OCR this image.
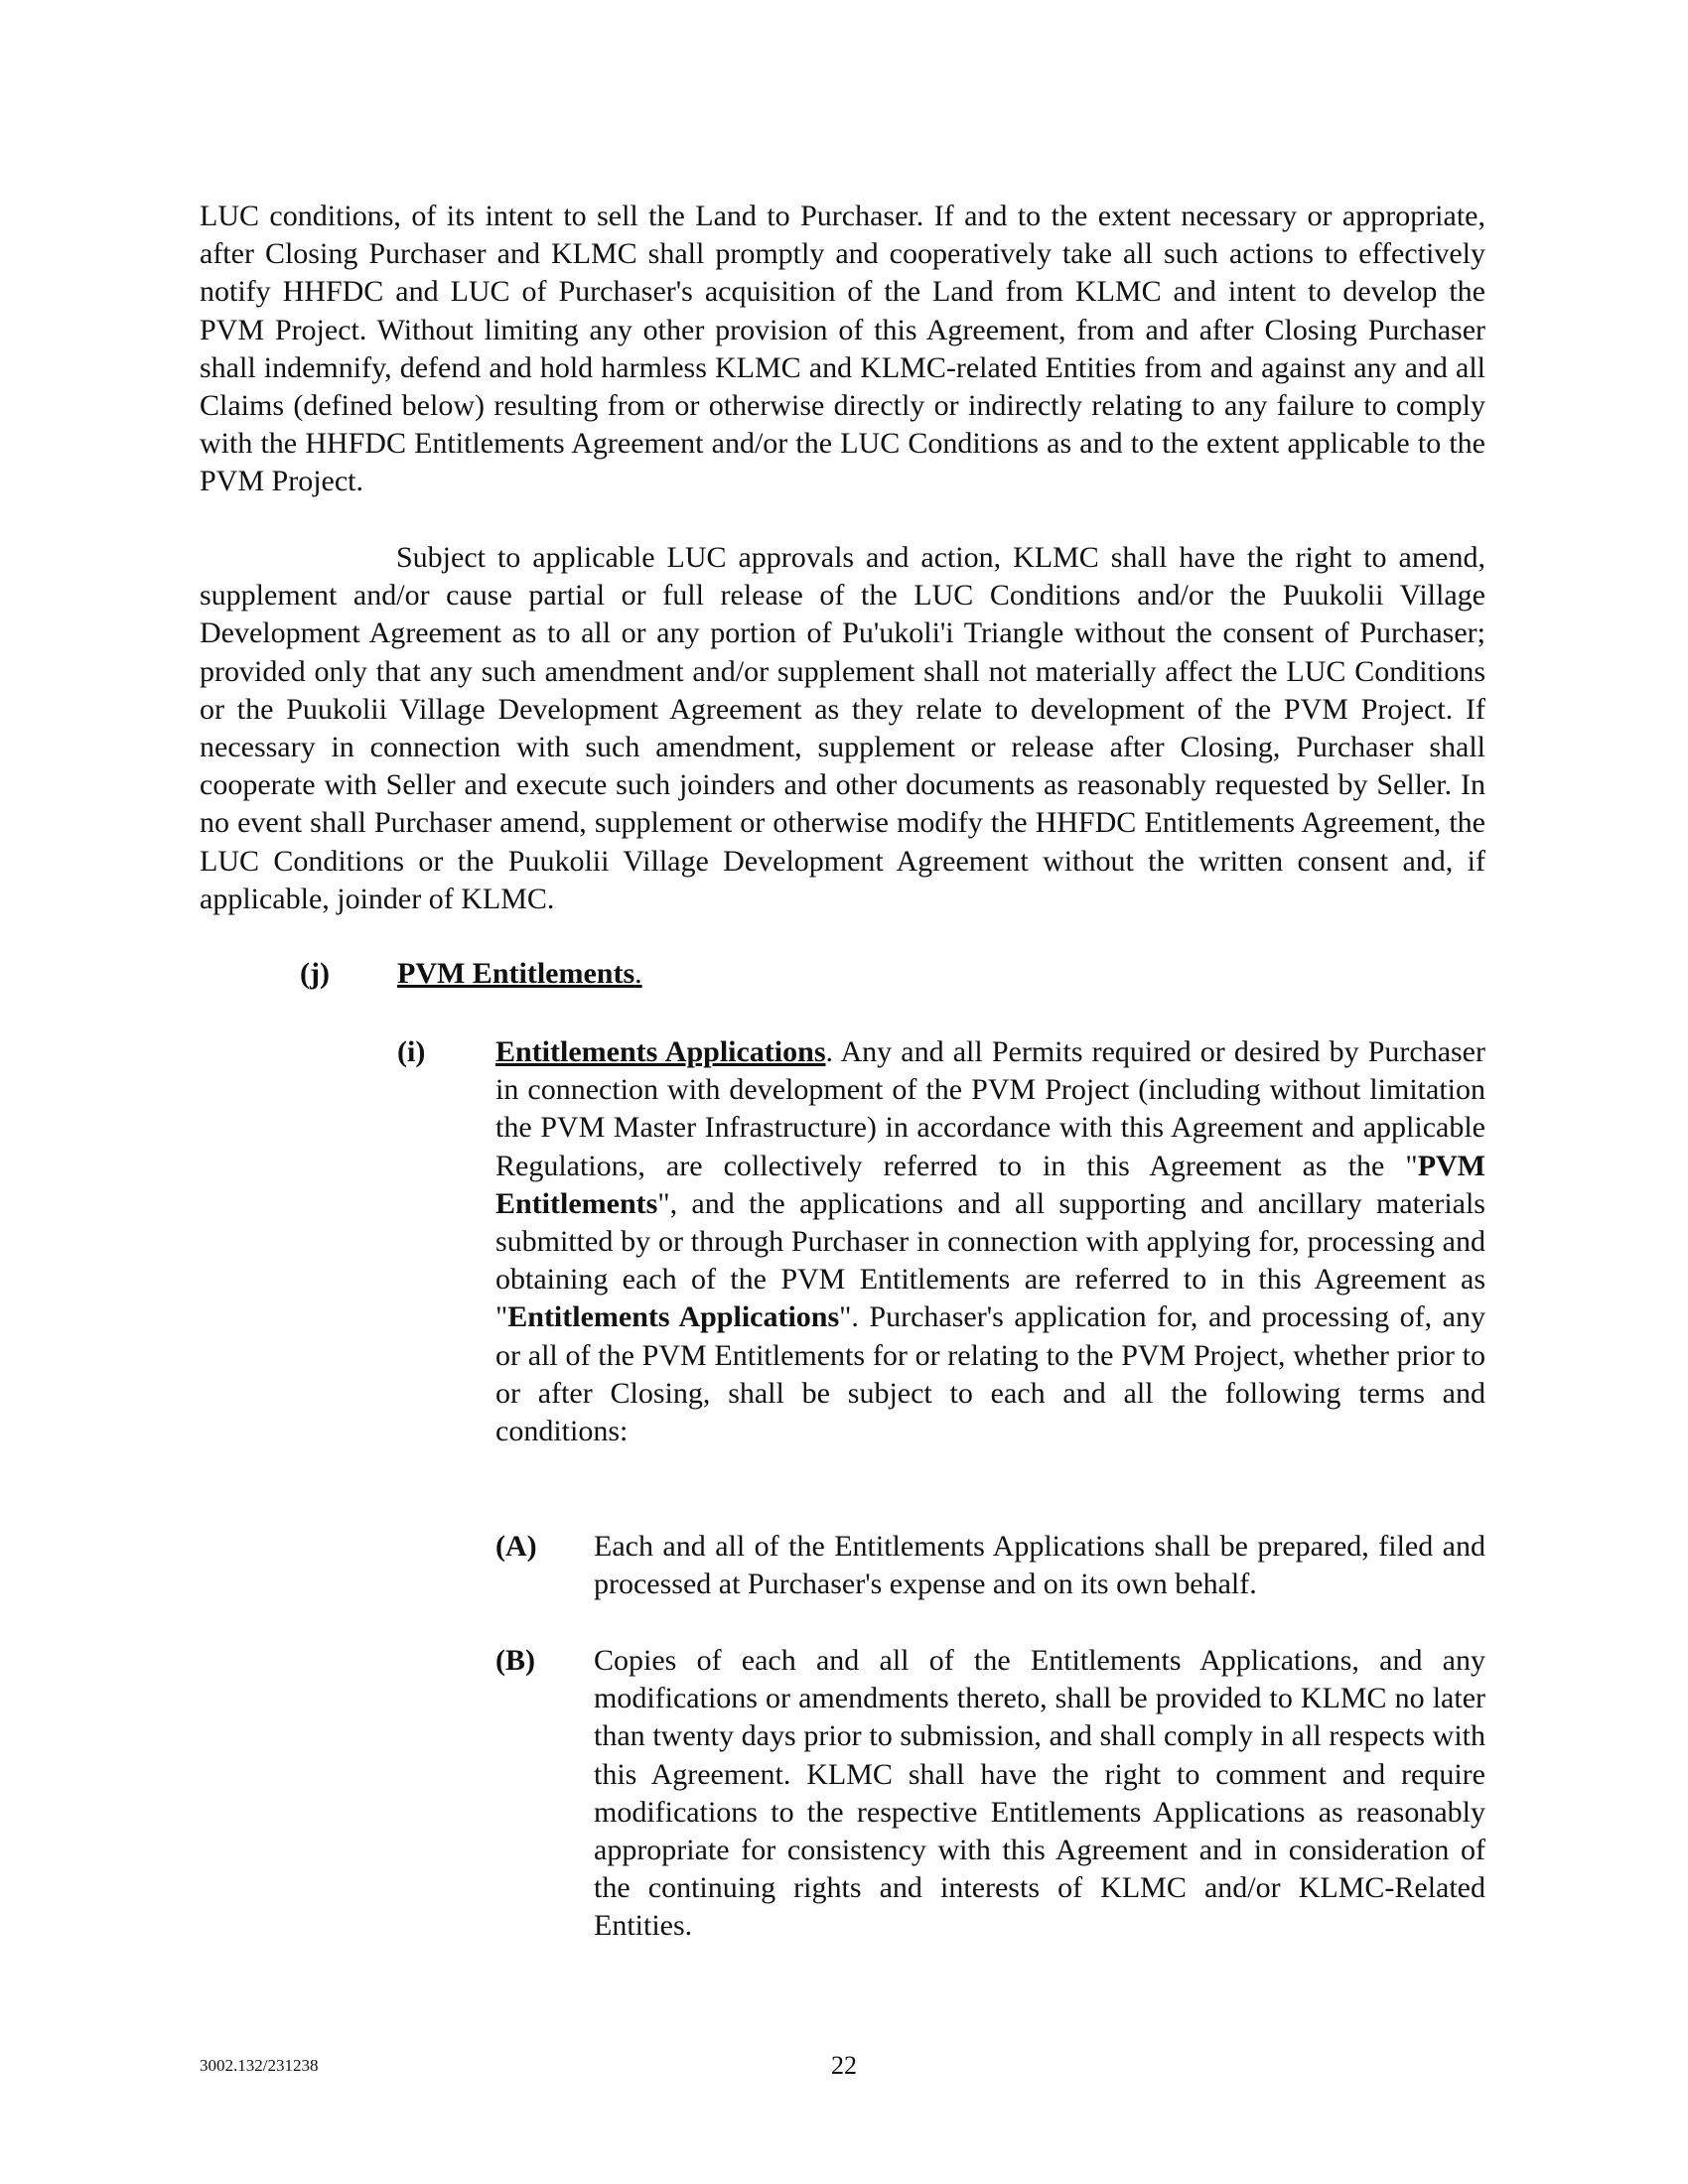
LUC conditions, of its intent to sell the Land to Purchaser. If and to the extent necessary or appropriate, after Closing Purchaser and KLMC shall promptly and cooperatively take all such actions to effectively notify HHFDC and LUC of Purchaser's acquisition of the Land from KLMC and intent to develop the PVM Project. Without limiting any other provision of this Agreement, from and after Closing Purchaser shall indemnify, defend and hold harmless KLMC and KLMC-related Entities from and against any and all Claims (defined below) resulting from or otherwise directly or indirectly relating to any failure to comply with the HHFDC Entitlements Agreement and/or the LUC Conditions as and to the extent applicable to the PVM Project.

Subject to applicable LUC approvals and action, KLMC shall have the right to amend, supplement and/or cause partial or full release of the LUC Conditions and/or the Puukolii Village Development Agreement as to all or any portion of Pu'ukoli'i Triangle without the consent of Purchaser; provided only that any such amendment and/or supplement shall not materially affect the LUC Conditions or the Puukolii Village Development Agreement as they relate to development of the PVM Project. If necessary in connection with such amendment, supplement or release after Closing, Purchaser shall cooperate with Seller and execute such joinders and other documents as reasonably requested by Seller. In no event shall Purchaser amend, supplement or otherwise modify the HHFDC Entitlements Agreement, the LUC Conditions or the Puukolii Village Development Agreement without the written consent and, if applicable, joinder of KLMC.

(j) PVM Entitlements.
(i) Entitlements Applications. Any and all Permits required or desired by Purchaser in connection with development of the PVM Project (including without limitation the PVM Master Infrastructure) in accordance with this Agreement and applicable Regulations, are collectively referred to in this Agreement as the "PVM Entitlements", and the applications and all supporting and ancillary materials submitted by or through Purchaser in connection with applying for, processing and obtaining each of the PVM Entitlements are referred to in this Agreement as "Entitlements Applications". Purchaser's application for, and processing of, any or all of the PVM Entitlements for or relating to the PVM Project, whether prior to or after Closing, shall be subject to each and all the following terms and conditions:

(A) Each and all of the Entitlements Applications shall be prepared, filed and processed at Purchaser's expense and on its own behalf.

(B) Copies of each and all of the Entitlements Applications, and any modifications or amendments thereto, shall be provided to KLMC no later than twenty days prior to submission, and shall comply in all respects with this Agreement. KLMC shall have the right to comment and require modifications to the respective Entitlements Applications as reasonably appropriate for consistency with this Agreement and in consideration of the continuing rights and interests of KLMC and/or KLMC-Related Entities.

3002.132/231238	22
